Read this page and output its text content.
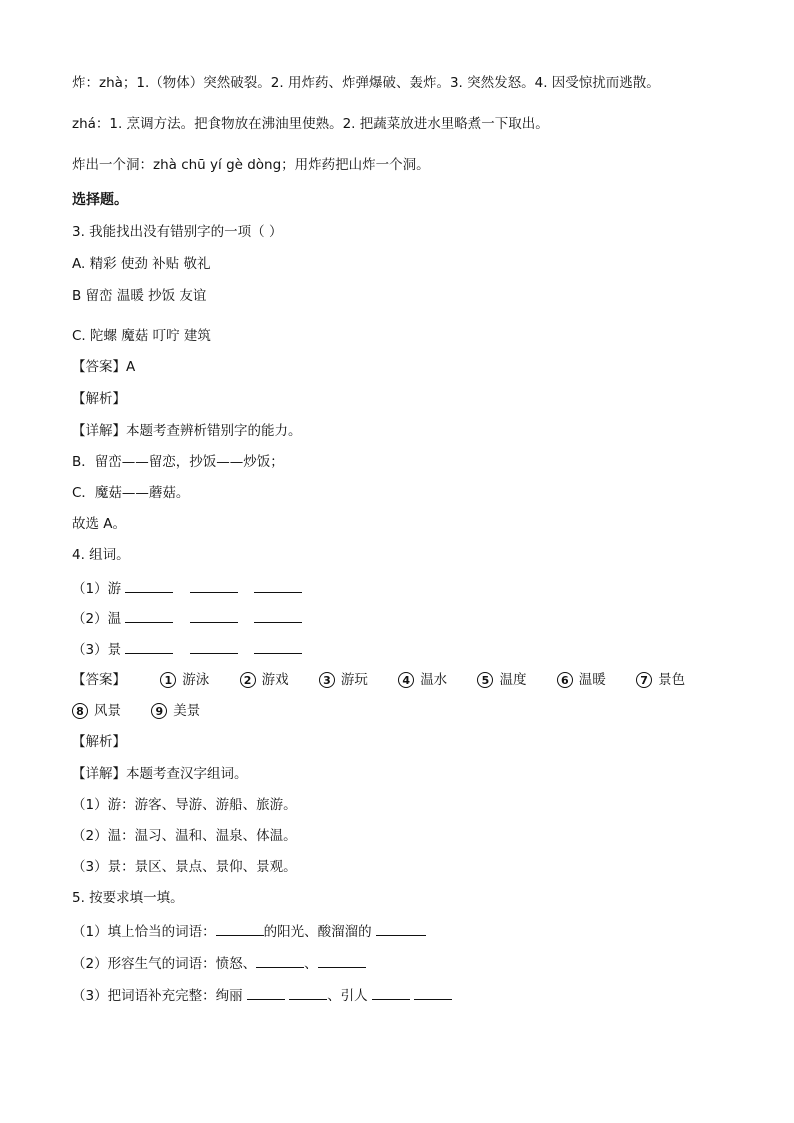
炸：zhà；1.（物体）突然破裂。2. 用炸药、炸弹爆破、轰炸。3. 突然发怒。4. 因受惊扰而逃散。
zhá：1. 烹调方法。把食物放在沸油里使熟。2. 把蔬菜放进水里略煮一下取出。
炸出一个洞：zhà chū yí gè dòng；用炸药把山炸一个洞。
选择题。
3. 我能找出没有错别字的一项（ ）
A. 精彩 使劲 补贴 敬礼
B 留峦 温暖 抄饭 友谊
C. 陀螺 魔菇 叮咛 建筑
【答案】A
【解析】
【详解】本题考查辨析错别字的能力。
B．留峦——留恋，抄饭——炒饭；
C．魔菇——蘑菇。
故选 A。
4. 组词。
（1）游
（2）温
（3）景
【答案】	1 游泳	2 游戏	3 游玩	4 温水	5 温度	6 温暖	7 景色
8 风景	9 美景
【解析】
【详解】本题考查汉字组词。
（1）游：游客、导游、游船、旅游。
（2）温：温习、温和、温泉、体温。
（3）景：景区、景点、景仰、景观。
5. 按要求填一填。
（1）填上恰当的词语：	的阳光、酸溜溜的
（2）形容生气的词语：愤怒、	、
（3）把词语补充完整：绚丽	、引人
